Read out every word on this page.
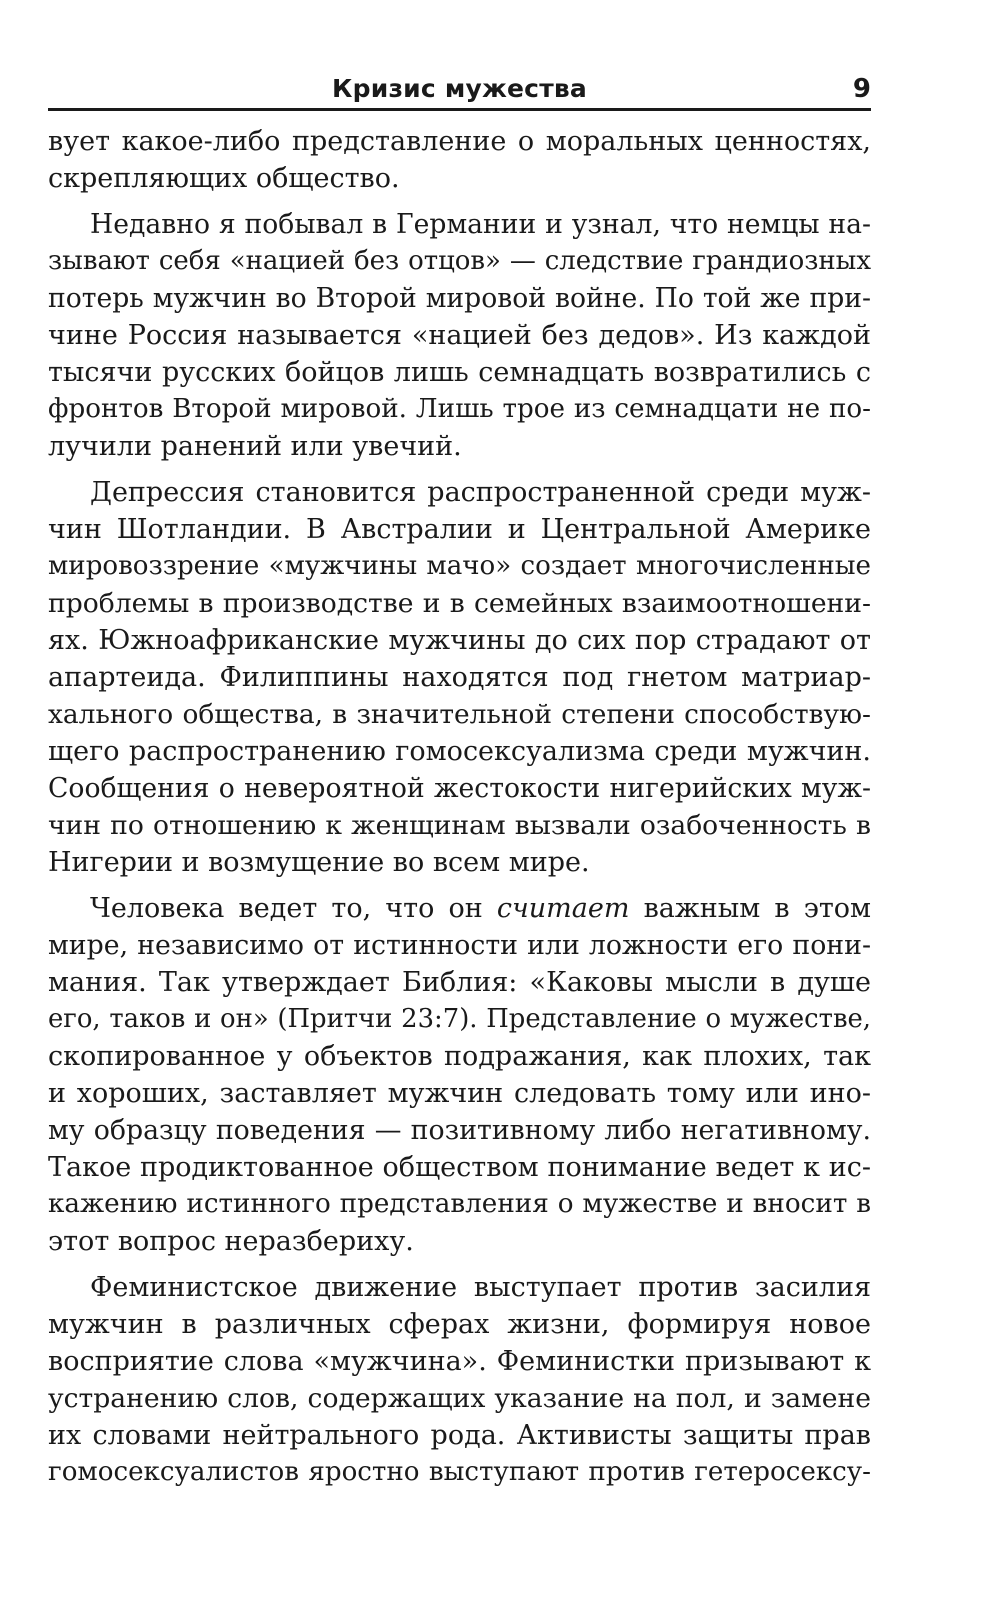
Кризис мужества	9
вует какое-либо представление о моральных ценностях,
скрепляющих общество.
Недавно я побывал в Германии и узнал, что немцы на-
зывают себя «нацией без отцов» — следствие грандиозных
потерь мужчин во Второй мировой войне. По той же при-
чине Россия называется «нацией без дедов». Из каждой
тысячи русских бойцов лишь семнадцать возвратились с
фронтов Второй мировой. Лишь трое из семнадцати не по-
лучили ранений или увечий.
Депрессия становится распространенной среди муж-
чин Шотландии. В Австралии и Центральной Америке
мировоззрение «мужчины мачо» создает многочисленные
проблемы в производстве и в семейных взаимоотношени-
ях. Южноафриканские мужчины до сих пор страдают от
апартеида. Филиппины находятся под гнетом матриар-
хального общества, в значительной степени способствую-
щего распространению гомосексуализма среди мужчин.
Сообщения о невероятной жестокости нигерийских муж-
чин по отношению к женщинам вызвали озабоченность в
Нигерии и возмущение во всем мире.
Человека ведет то, что он считает важным в этом
мире, независимо от истинности или ложности его пони-
мания. Так утверждает Библия: «Каковы мысли в душе
его, таков и он» (Притчи 23:7). Представление о мужестве,
скопированное у объектов подражания, как плохих, так
и хороших, заставляет мужчин следовать тому или ино-
му образцу поведения — позитивному либо негативному.
Такое продиктованное обществом понимание ведет к ис-
кажению истинного представления о мужестве и вносит в
этот вопрос неразбериху.
Феминистское движение выступает против засилия
мужчин в различных сферах жизни, формируя новое
восприятие слова «мужчина». Феминистки призывают к
устранению слов, содержащих указание на пол, и замене
их словами нейтрального рода. Активисты защиты прав
гомосексуалистов яростно выступают против гетеросексу-
